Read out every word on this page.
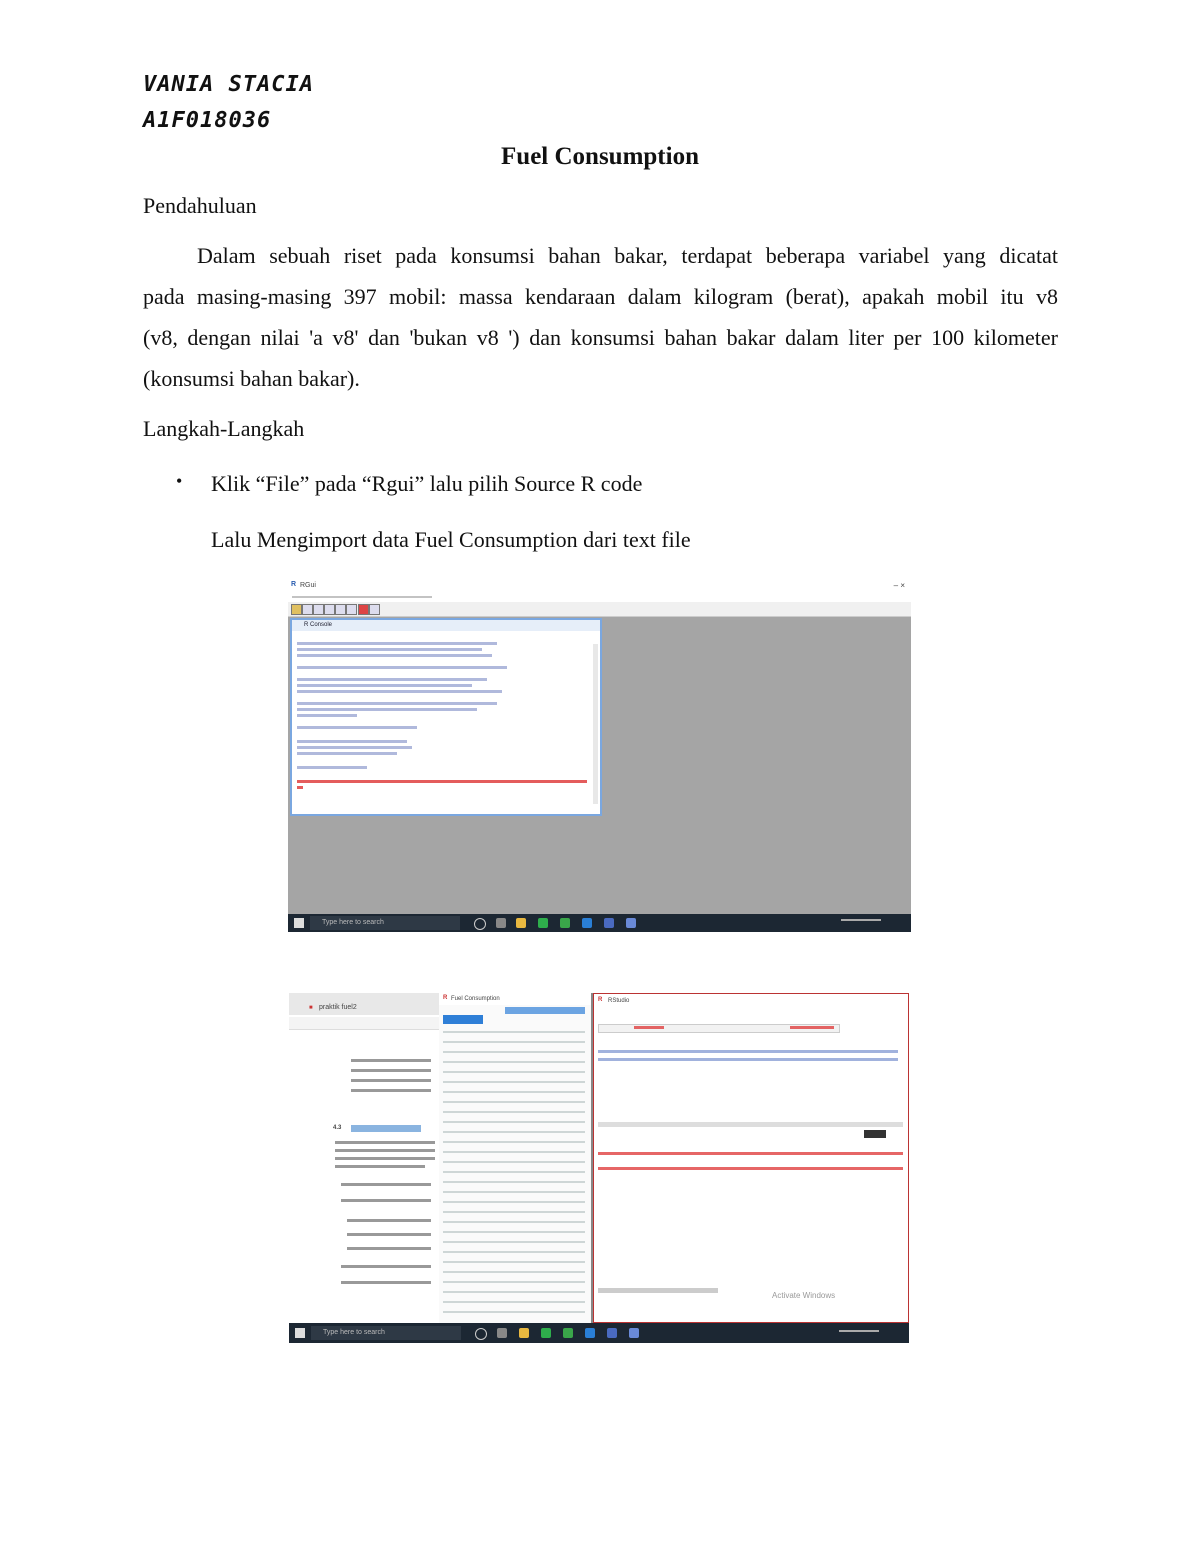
VANIA STACIA
A1F018036
Fuel Consumption
Pendahuluan
Dalam sebuah riset pada konsumsi bahan bakar, terdapat beberapa variabel yang dicatat
pada masing-masing 397 mobil: massa kendaraan dalam kilogram (berat), apakah mobil itu v8
(v8, dengan nilai 'a v8' dan 'bukan v8 ') dan konsumsi bahan bakar dalam liter per 100 kilometer
(konsumsi bahan bakar).
Langkah-Langkah
• Klik “File” pada “Rgui” lalu pilih Source R code
Lalu Mengimport data Fuel Consumption dari text file
R RGui	– ×
R Console
Type here to search
■ praktik fuel2
4.3
R Fuel Consumption	R RStudio
Activate Windows
Type here to search
